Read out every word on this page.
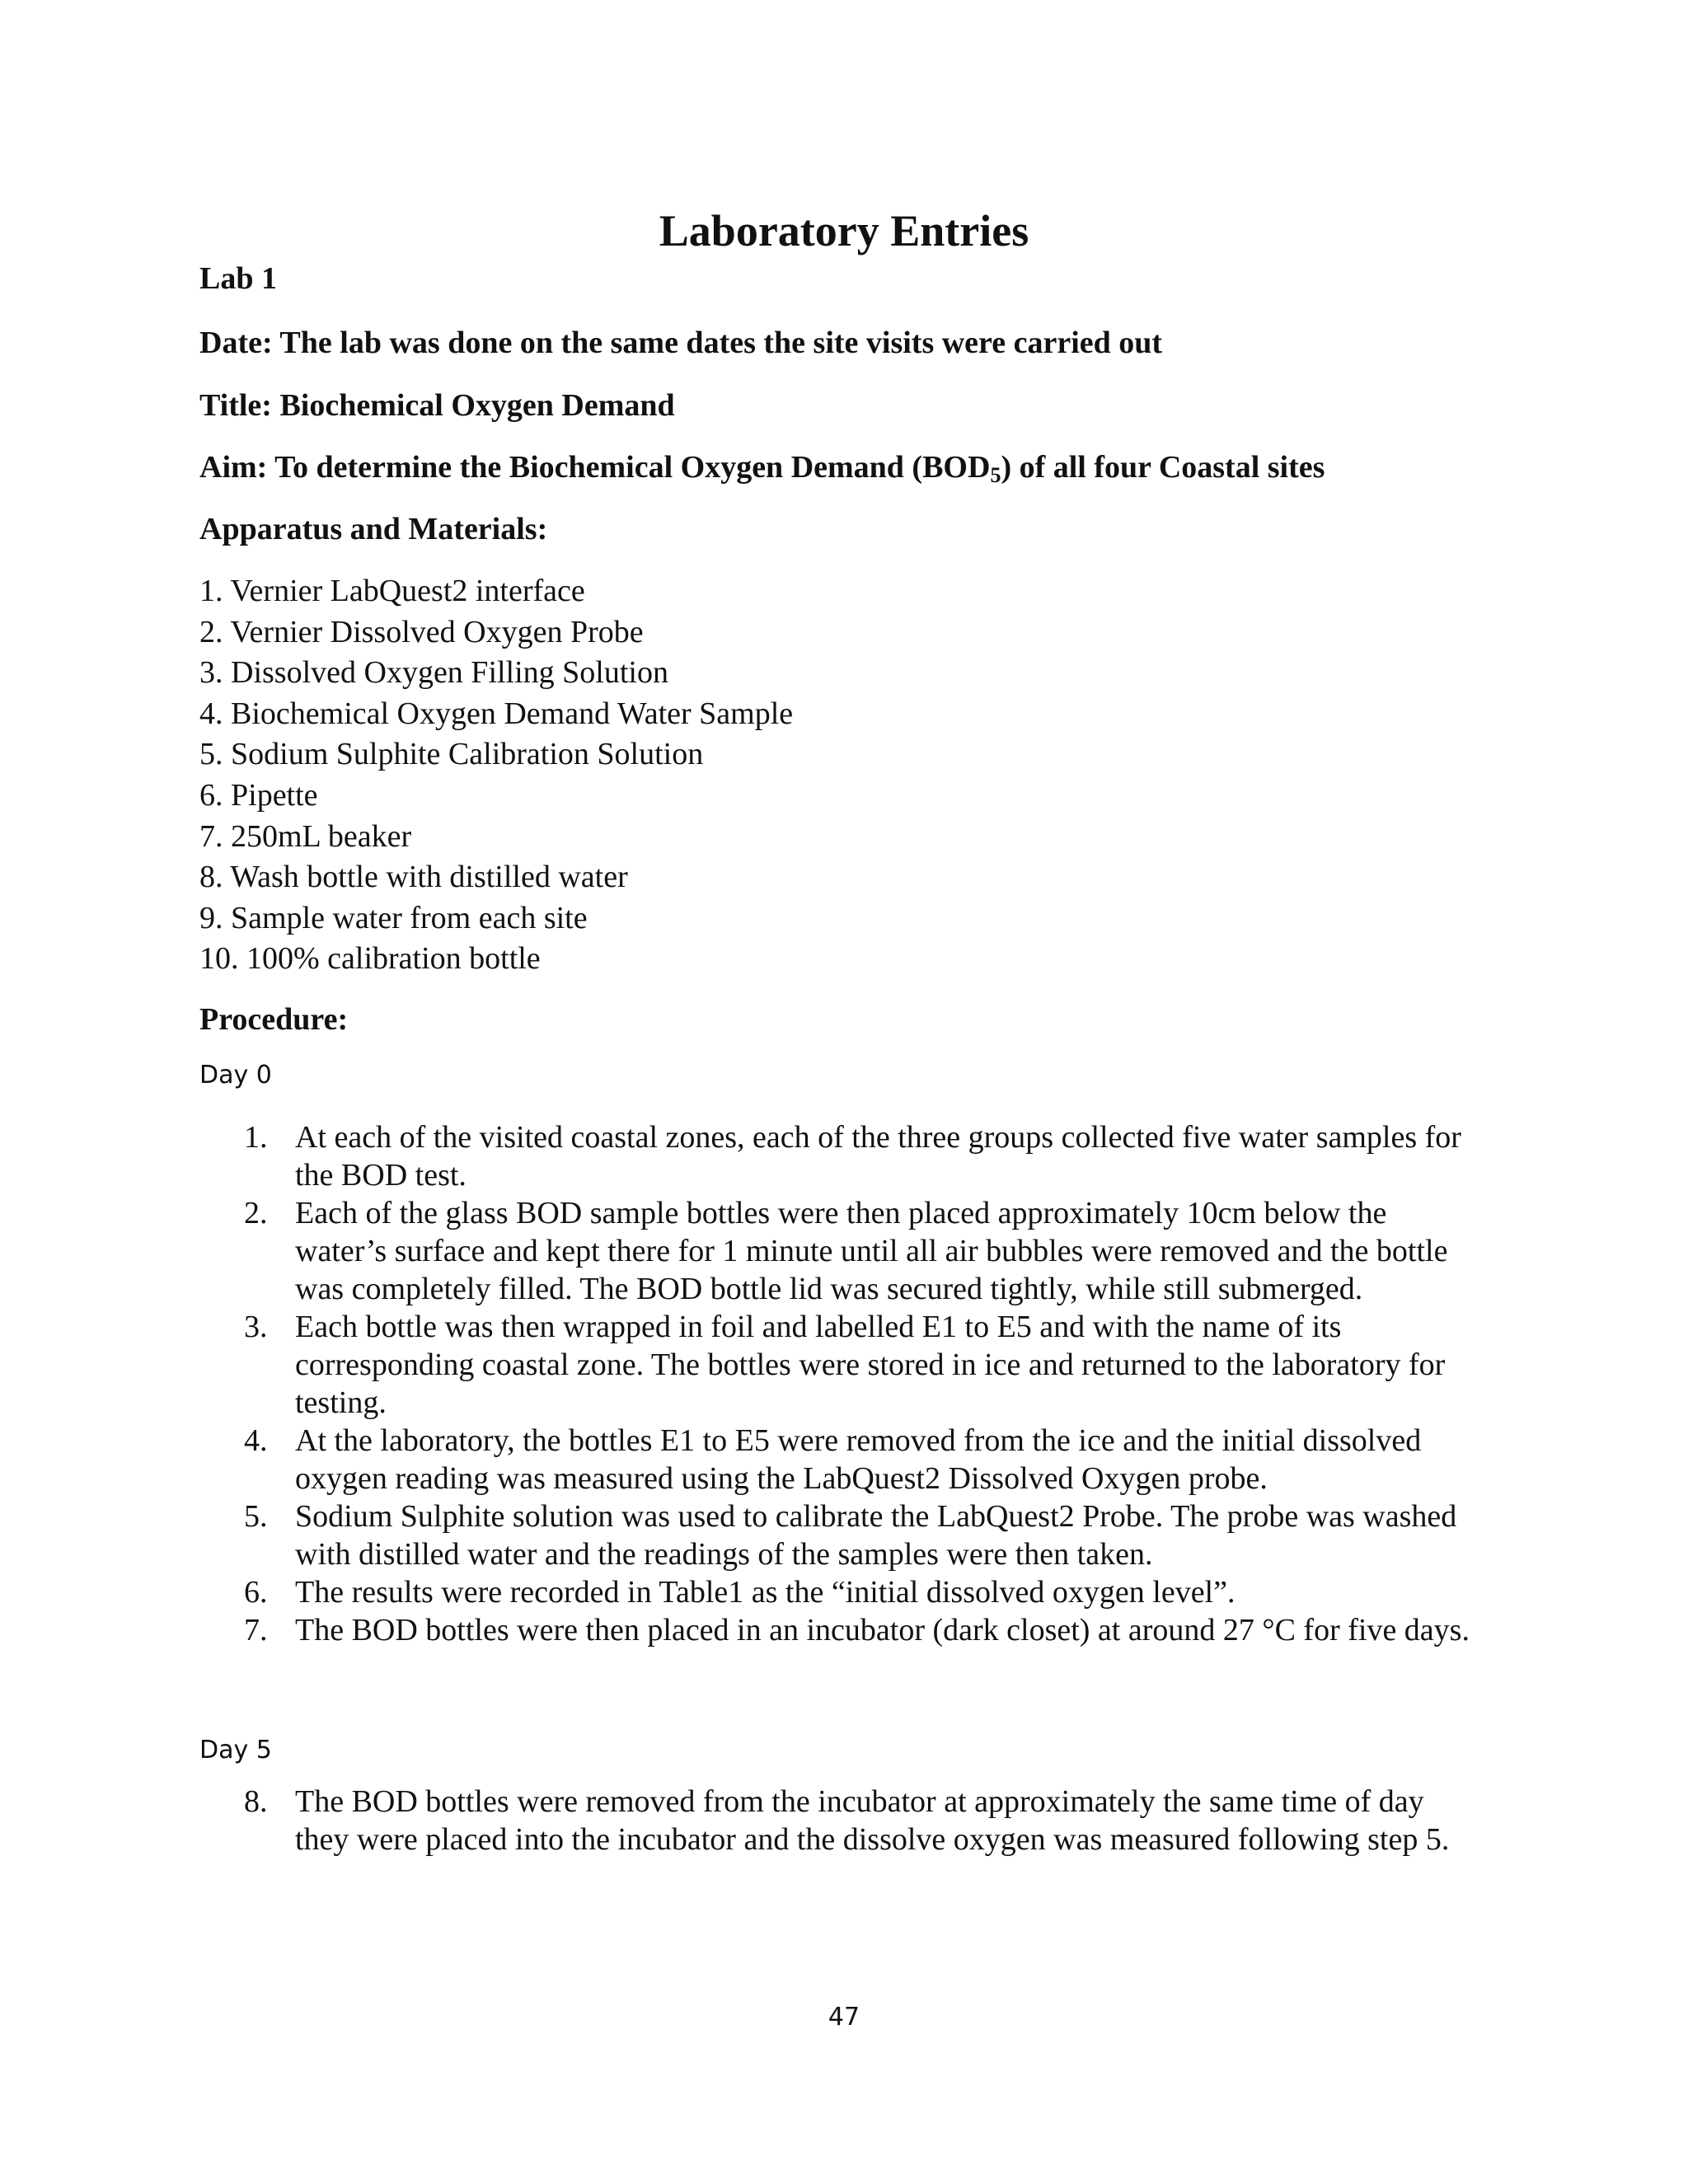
Laboratory Entries
Lab 1
Date: The lab was done on the same dates the site visits were carried out
Title: Biochemical Oxygen Demand
Aim: To determine the Biochemical Oxygen Demand $(BOD_5)$ of all four Coastal sites
Apparatus and Materials:
1. Vernier LabQuest2 interface
2. Vernier Dissolved Oxygen Probe
3. Dissolved Oxygen Filling Solution
4. Biochemical Oxygen Demand Water Sample
5. Sodium Sulphite Calibration Solution
6. Pipette
7. 250mL beaker
8. Wash bottle with distilled water
9. Sample water from each site
10. 100% calibration bottle
Procedure:
Day 0
1. At each of the visited coastal zones, each of the three groups collected five water samples for the BOD test.
2. Each of the glass BOD sample bottles were then placed approximately 10cm below the water’s surface and kept there for 1 minute until all air bubbles were removed and the bottle was completely filled. The BOD bottle lid was secured tightly, while still submerged.
3. Each bottle was then wrapped in foil and labelled E1 to E5 and with the name of its corresponding coastal zone. The bottles were stored in ice and returned to the laboratory for testing.
4. At the laboratory, the bottles E1 to E5 were removed from the ice and the initial dissolved oxygen reading was measured using the LabQuest2 Dissolved Oxygen probe.
5. Sodium Sulphite solution was used to calibrate the LabQuest2 Probe. The probe was washed with distilled water and the readings of the samples were then taken.
6. The results were recorded in Table1 as the “initial dissolved oxygen level”.
7. The BOD bottles were then placed in an incubator (dark closet) at around 27 °C for five days.
Day 5
8. The BOD bottles were removed from the incubator at approximately the same time of day they were placed into the incubator and the dissolve oxygen was measured following step 5.
47
